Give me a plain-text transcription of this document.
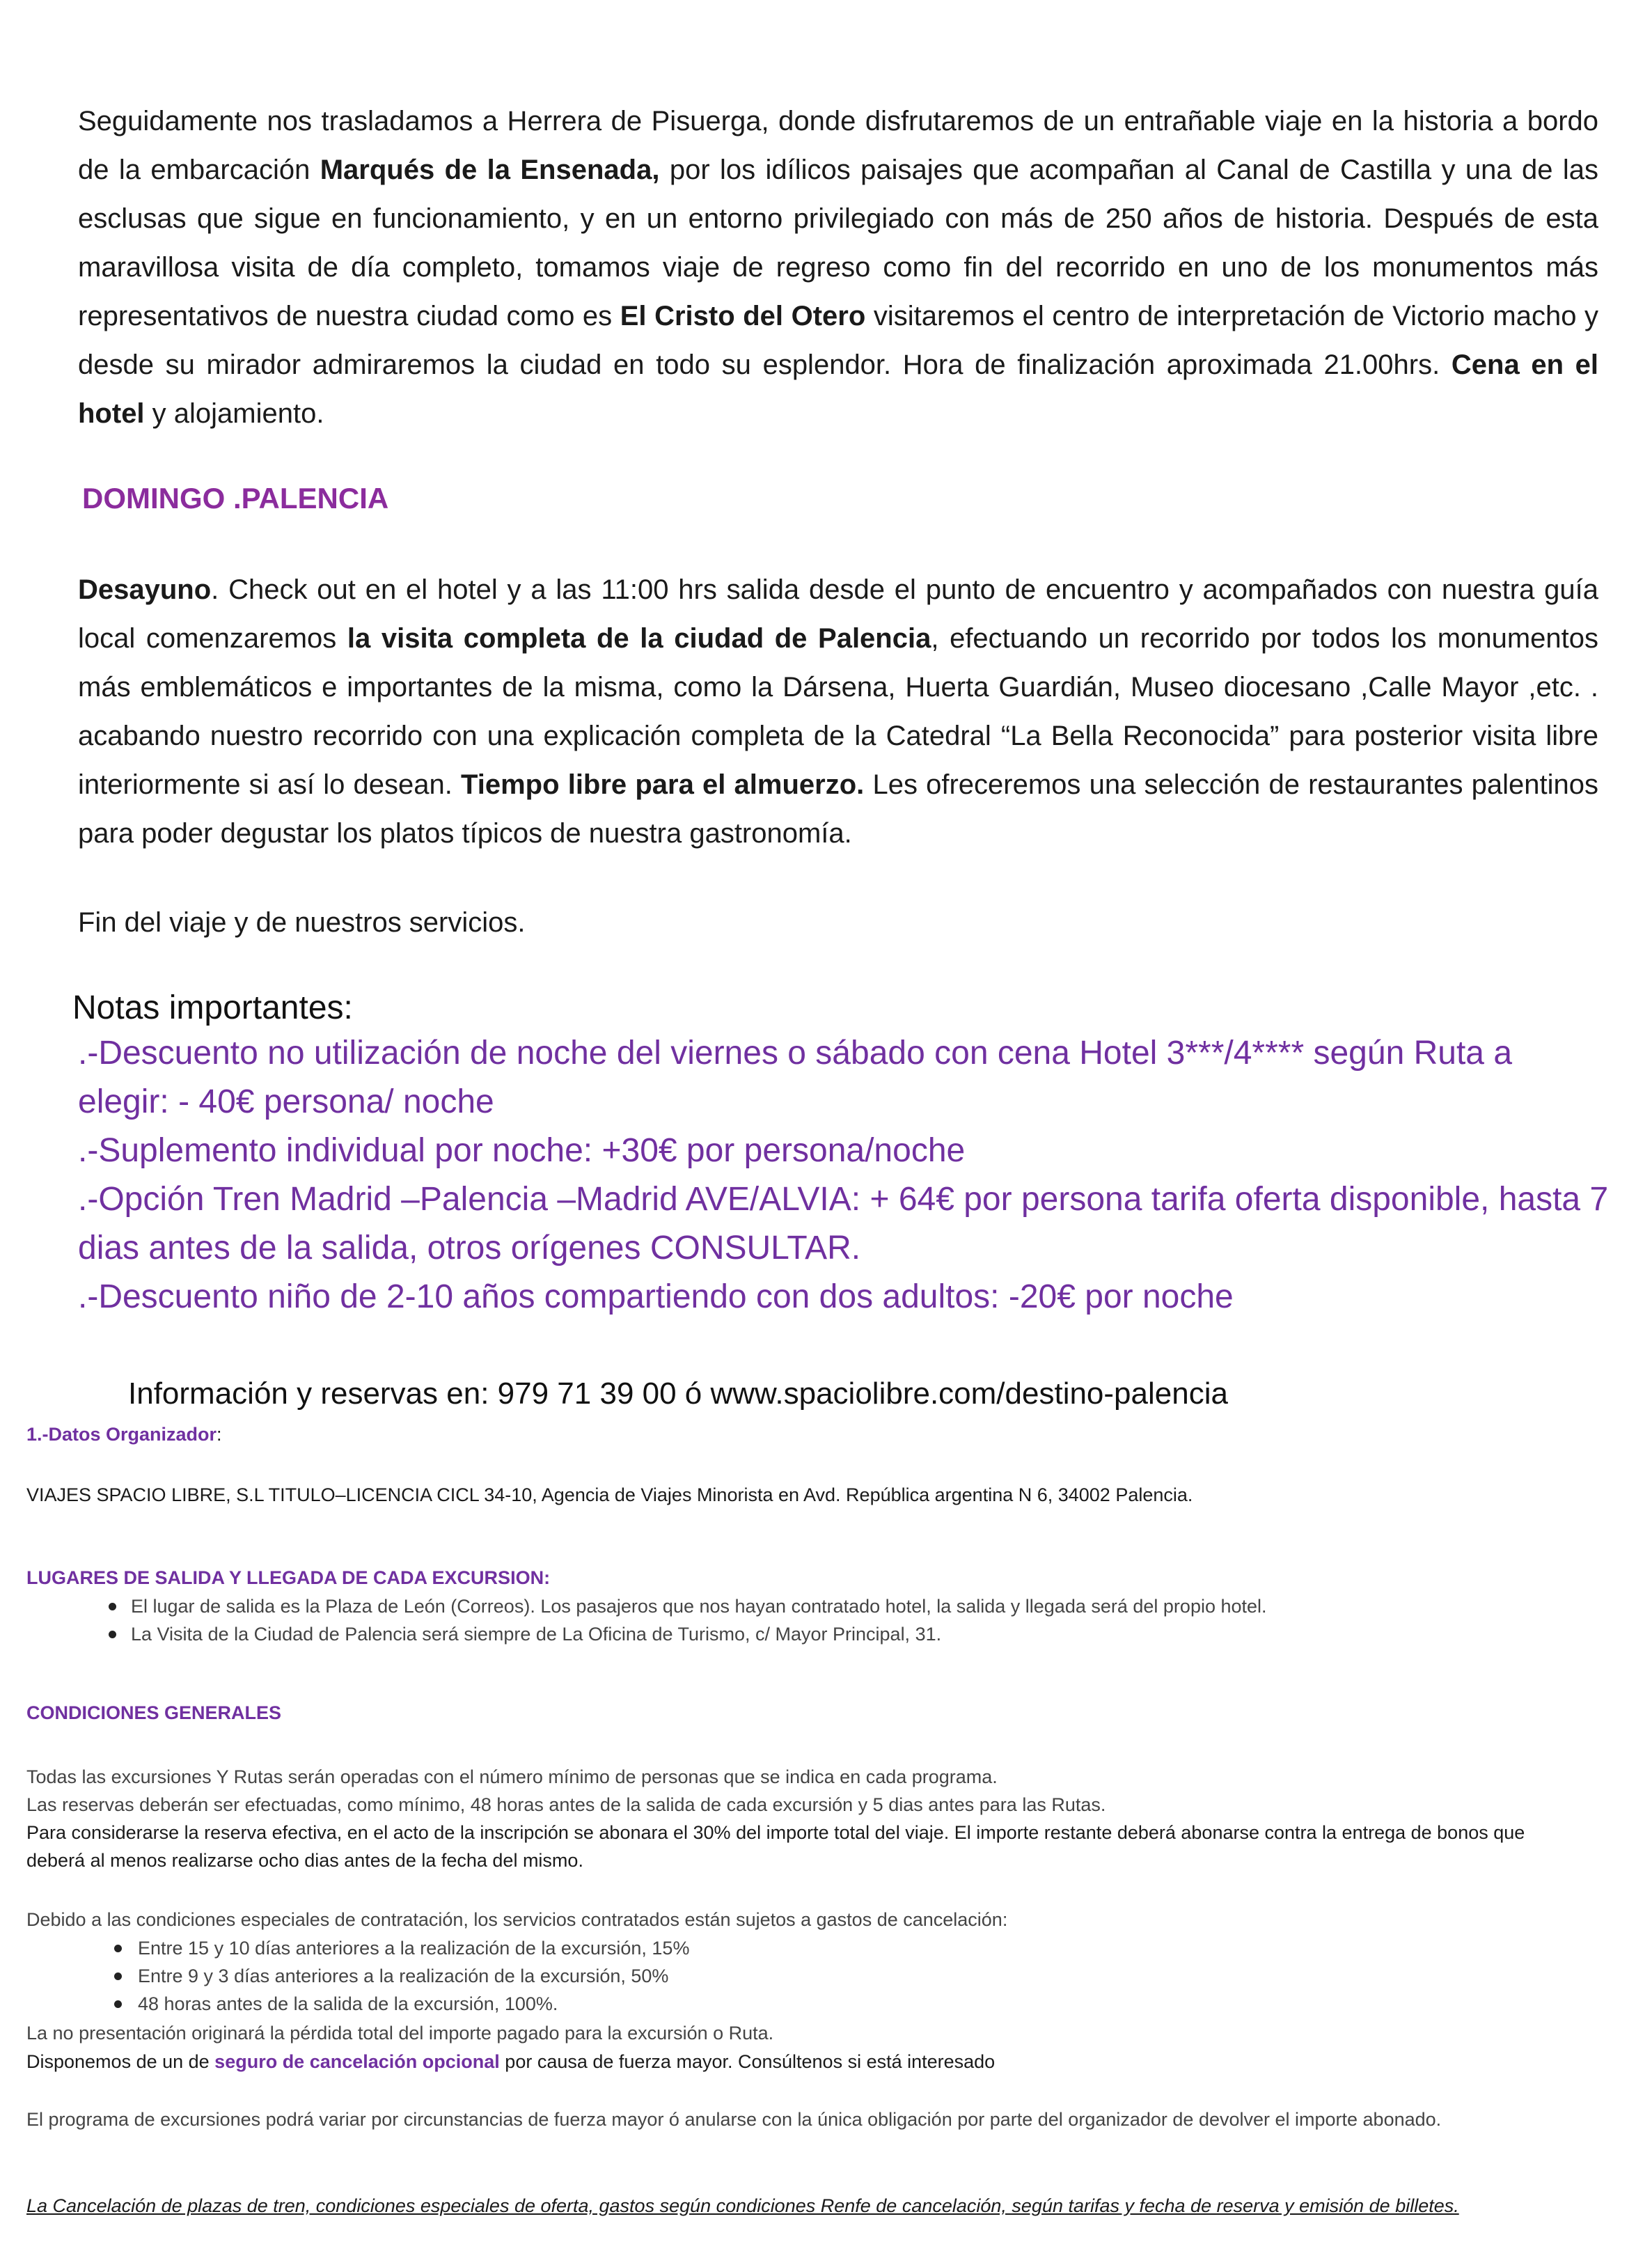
Seguidamente nos trasladamos a Herrera de Pisuerga, donde disfrutaremos de un entrañable viaje en la historia a bordo de la embarcación Marqués de la Ensenada, por los idílicos paisajes que acompañan al Canal de Castilla y una de las esclusas que sigue en funcionamiento, y en un entorno privilegiado con más de 250 años de historia. Después de esta maravillosa visita de día completo, tomamos viaje de regreso como fin del recorrido en uno de los monumentos más representativos de nuestra ciudad como es El Cristo del Otero visitaremos el centro de interpretación de Victorio macho y desde su mirador admiraremos la ciudad en todo su esplendor. Hora de finalización aproximada 21.00hrs. Cena en el hotel y alojamiento.
DOMINGO .PALENCIA
Desayuno. Check out en el hotel y a las 11:00 hrs salida desde el punto de encuentro y acompañados con nuestra guía local comenzaremos la visita completa de la ciudad de Palencia, efectuando un recorrido por todos los monumentos más emblemáticos e importantes de la misma, como la Dársena, Huerta Guardián, Museo diocesano ,Calle Mayor ,etc. . acabando nuestro recorrido con una explicación completa de la Catedral “La Bella Reconocida” para posterior visita libre interiormente si así lo desean. Tiempo libre para el almuerzo. Les ofreceremos una selección de restaurantes palentinos para poder degustar los platos típicos de nuestra gastronomía.
Fin del viaje y de nuestros servicios.
Notas importantes:
.-Descuento no utilización de noche del viernes o sábado con cena Hotel 3***/4**** según Ruta a
elegir: - 40€ persona/ noche
.-Suplemento individual por noche: +30€ por persona/noche
.-Opción Tren Madrid –Palencia –Madrid AVE/ALVIA: + 64€ por persona tarifa oferta disponible, hasta 7
dias antes de la salida, otros orígenes CONSULTAR.
.-Descuento niño de 2-10 años compartiendo con dos adultos: -20€ por noche
Información y reservas en: 979 71 39 00 ó www.spaciolibre.com/destino-palencia
1.-Datos Organizador:
VIAJES SPACIO LIBRE, S.L TITULO–LICENCIA CICL 34-10, Agencia de Viajes Minorista en Avd. República argentina N 6, 34002 Palencia.
LUGARES DE SALIDA Y LLEGADA DE CADA EXCURSION:
El lugar de salida es la Plaza de León (Correos). Los pasajeros que nos hayan contratado hotel, la salida y llegada será del propio hotel.
La Visita de la Ciudad de Palencia será siempre de La Oficina de Turismo, c/ Mayor Principal, 31.
CONDICIONES GENERALES
Todas las excursiones Y Rutas serán operadas con el número mínimo de personas que se indica en cada programa.
Las reservas deberán ser efectuadas, como mínimo, 48 horas antes de la salida de cada excursión y 5 dias antes para las Rutas.
Para considerarse la reserva efectiva, en el acto de la inscripción se abonara el 30% del importe total del viaje. El importe restante deberá abonarse contra la entrega de bonos que deberá al menos realizarse ocho dias antes de la fecha del mismo.
Debido a las condiciones especiales de contratación, los servicios contratados están sujetos a gastos de cancelación:
Entre 15 y 10 días anteriores a la realización de la excursión, 15%
Entre 9 y 3 días anteriores a la realización de la excursión, 50%
48 horas antes de la salida de la excursión, 100%.
La no presentación originará la pérdida total del importe pagado para la excursión o Ruta.
Disponemos de un de seguro de cancelación opcional por causa de fuerza mayor. Consúltenos si está interesado
El programa de excursiones podrá variar por circunstancias de fuerza mayor ó anularse con la única obligación por parte del organizador de devolver el importe abonado.
La Cancelación de plazas de tren, condiciones especiales de oferta, gastos según condiciones Renfe de cancelación, según tarifas y fecha de reserva y emisión de billetes.
